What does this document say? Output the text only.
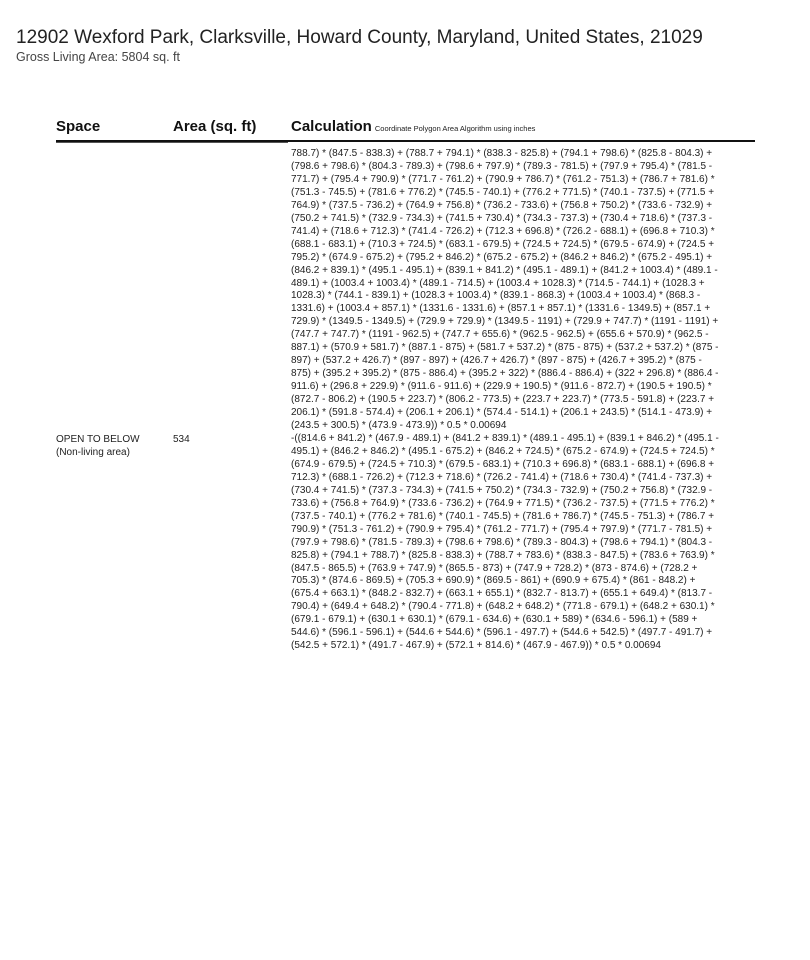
12902 Wexford Park, Clarksville, Howard County, Maryland, United States, 21029
Gross Living Area: 5804 sq. ft
Space	Area (sq. ft) Calculation Coordinate Polygon Area Algorithm using inches
788.7) * (847.5 - 838.3) + (788.7 + 794.1) * (838.3 - 825.8) + (794.1 + 798.6) * (825.8 - 804.3) +
(798.6 + 798.6) * (804.3 - 789.3) + (798.6 + 797.9) * (789.3 - 781.5) + (797.9 + 795.4) * (781.5 -
771.7) + (795.4 + 790.9) * (771.7 - 761.2) + (790.9 + 786.7) * (761.2 - 751.3) + (786.7 + 781.6) *
(751.3 - 745.5) + (781.6 + 776.2) * (745.5 - 740.1) + (776.2 + 771.5) * (740.1 - 737.5) + (771.5 +
764.9) * (737.5 - 736.2) + (764.9 + 756.8) * (736.2 - 733.6) + (756.8 + 750.2) * (733.6 - 732.9) +
(750.2 + 741.5) * (732.9 - 734.3) + (741.5 + 730.4) * (734.3 - 737.3) + (730.4 + 718.6) * (737.3 -
741.4) + (718.6 + 712.3) * (741.4 - 726.2) + (712.3 + 696.8) * (726.2 - 688.1) + (696.8 + 710.3) *
(688.1 - 683.1) + (710.3 + 724.5) * (683.1 - 679.5) + (724.5 + 724.5) * (679.5 - 674.9) + (724.5 +
795.2) * (674.9 - 675.2) + (795.2 + 846.2) * (675.2 - 675.2) + (846.2 + 846.2) * (675.2 - 495.1) +
(846.2 + 839.1) * (495.1 - 495.1) + (839.1 + 841.2) * (495.1 - 489.1) + (841.2 + 1003.4) * (489.1 -
489.1) + (1003.4 + 1003.4) * (489.1 - 714.5) + (1003.4 + 1028.3) * (714.5 - 744.1) + (1028.3 +
1028.3) * (744.1 - 839.1) + (1028.3 + 1003.4) * (839.1 - 868.3) + (1003.4 + 1003.4) * (868.3 -
1331.6) + (1003.4 + 857.1) * (1331.6 - 1331.6) + (857.1 + 857.1) * (1331.6 - 1349.5) + (857.1 +
729.9) * (1349.5 - 1349.5) + (729.9 + 729.9) * (1349.5 - 1191) + (729.9 + 747.7) * (1191 - 1191) +
(747.7 + 747.7) * (1191 - 962.5) + (747.7 + 655.6) * (962.5 - 962.5) + (655.6 + 570.9) * (962.5 -
887.1) + (570.9 + 581.7) * (887.1 - 875) + (581.7 + 537.2) * (875 - 875) + (537.2 + 537.2) * (875 -
897) + (537.2 + 426.7) * (897 - 897) + (426.7 + 426.7) * (897 - 875) + (426.7 + 395.2) * (875 -
875) + (395.2 + 395.2) * (875 - 886.4) + (395.2 + 322) * (886.4 - 886.4) + (322 + 296.8) * (886.4 -
911.6) + (296.8 + 229.9) * (911.6 - 911.6) + (229.9 + 190.5) * (911.6 - 872.7) + (190.5 + 190.5) *
(872.7 - 806.2) + (190.5 + 223.7) * (806.2 - 773.5) + (223.7 + 223.7) * (773.5 - 591.8) + (223.7 +
206.1) * (591.8 - 574.4) + (206.1 + 206.1) * (574.4 - 514.1) + (206.1 + 243.5) * (514.1 - 473.9) +
(243.5 + 300.5) * (473.9 - 473.9)) * 0.5 * 0.00694
OPEN TO BELOW
(Non-living area)
534	-((814.6 + 841.2) * (467.9 - 489.1) + (841.2 + 839.1) * (489.1 - 495.1) + (839.1 + 846.2) * (495.1 -
495.1) + (846.2 + 846.2) * (495.1 - 675.2) + (846.2 + 724.5) * (675.2 - 674.9) + (724.5 + 724.5) *
(674.9 - 679.5) + (724.5 + 710.3) * (679.5 - 683.1) + (710.3 + 696.8) * (683.1 - 688.1) + (696.8 +
712.3) * (688.1 - 726.2) + (712.3 + 718.6) * (726.2 - 741.4) + (718.6 + 730.4) * (741.4 - 737.3) +
(730.4 + 741.5) * (737.3 - 734.3) + (741.5 + 750.2) * (734.3 - 732.9) + (750.2 + 756.8) * (732.9 -
733.6) + (756.8 + 764.9) * (733.6 - 736.2) + (764.9 + 771.5) * (736.2 - 737.5) + (771.5 + 776.2) *
(737.5 - 740.1) + (776.2 + 781.6) * (740.1 - 745.5) + (781.6 + 786.7) * (745.5 - 751.3) + (786.7 +
790.9) * (751.3 - 761.2) + (790.9 + 795.4) * (761.2 - 771.7) + (795.4 + 797.9) * (771.7 - 781.5) +
(797.9 + 798.6) * (781.5 - 789.3) + (798.6 + 798.6) * (789.3 - 804.3) + (798.6 + 794.1) * (804.3 -
825.8) + (794.1 + 788.7) * (825.8 - 838.3) + (788.7 + 783.6) * (838.3 - 847.5) + (783.6 + 763.9) *
(847.5 - 865.5) + (763.9 + 747.9) * (865.5 - 873) + (747.9 + 728.2) * (873 - 874.6) + (728.2 +
705.3) * (874.6 - 869.5) + (705.3 + 690.9) * (869.5 - 861) + (690.9 + 675.4) * (861 - 848.2) +
(675.4 + 663.1) * (848.2 - 832.7) + (663.1 + 655.1) * (832.7 - 813.7) + (655.1 + 649.4) * (813.7 -
790.4) + (649.4 + 648.2) * (790.4 - 771.8) + (648.2 + 648.2) * (771.8 - 679.1) + (648.2 + 630.1) *
(679.1 - 679.1) + (630.1 + 630.1) * (679.1 - 634.6) + (630.1 + 589) * (634.6 - 596.1) + (589 +
544.6) * (596.1 - 596.1) + (544.6 + 544.6) * (596.1 - 497.7) + (544.6 + 542.5) * (497.7 - 491.7) +
(542.5 + 572.1) * (491.7 - 467.9) + (572.1 + 814.6) * (467.9 - 467.9)) * 0.5 * 0.00694
